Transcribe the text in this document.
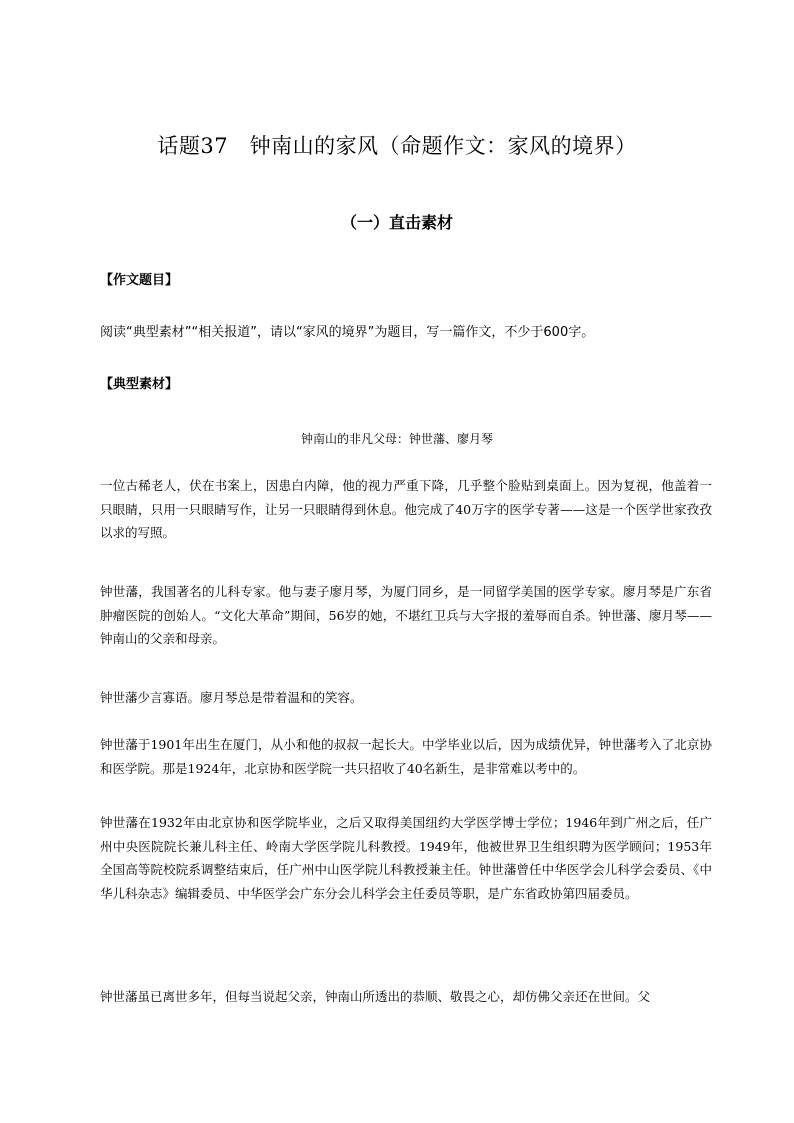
话题37　钟南山的家风（命题作文：家风的境界）
（一）直击素材
【作文题目】
阅读“典型素材”“相关报道”，请以“家风的境界”为题目，写一篇作文，不少于600字。
【典型素材】
钟南山的非凡父母：钟世藩、廖月琴
一位古稀老人，伏在书案上，因患白内障，他的视力严重下降，几乎整个脸贴到桌面上。因为复视，他盖着一只眼睛，只用一只眼睛写作，让另一只眼睛得到休息。他完成了40万字的医学专著——这是一个医学世家孜孜以求的写照。
钟世藩，我国著名的儿科专家。他与妻子廖月琴，为厦门同乡，是一同留学美国的医学专家。廖月琴是广东省肿瘤医院的创始人。“文化大革命”期间，56岁的她，不堪红卫兵与大字报的羞辱而自杀。钟世藩、廖月琴——钟南山的父亲和母亲。
钟世藩少言寡语。廖月琴总是带着温和的笑容。
钟世藩于1901年出生在厦门，从小和他的叔叔一起长大。中学毕业以后，因为成绩优异，钟世藩考入了北京协和医学院。那是1924年，北京协和医学院一共只招收了40名新生，是非常难以考中的。
钟世藩在1932年由北京协和医学院毕业，之后又取得美国纽约大学医学博士学位；1946年到广州之后，任广州中央医院院长兼儿科主任、岭南大学医学院儿科教授。1949年，他被世界卫生组织聘为医学顾问；1953年全国高等院校院系调整结束后，任广州中山医学院儿科教授兼主任。钟世藩曾任中华医学会儿科学会委员、《中华儿科杂志》编辑委员、中华医学会广东分会儿科学会主任委员等职，是广东省政协第四届委员。
钟世藩虽已离世多年，但每当说起父亲，钟南山所透出的恭顺、敬畏之心，却仿佛父亲还在世间。父
